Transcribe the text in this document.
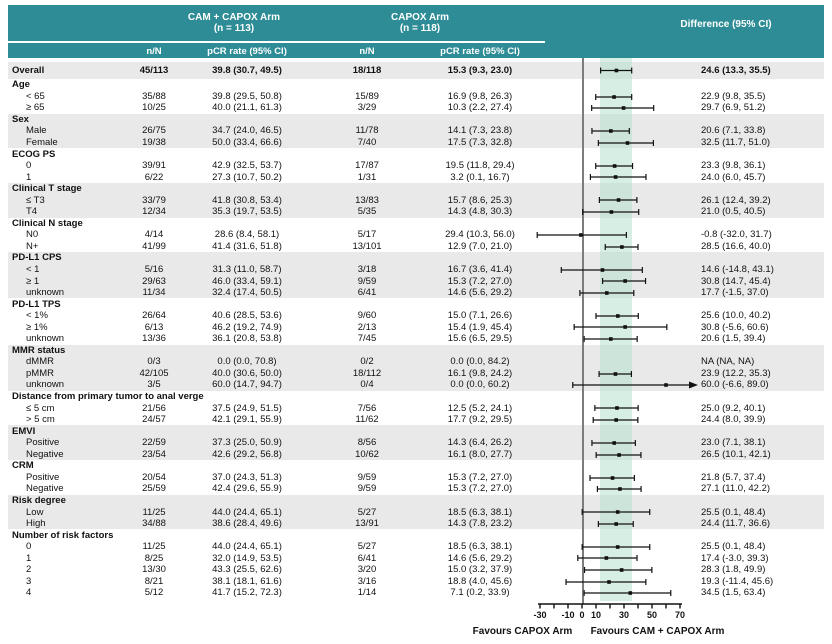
CAM + CAPOX Arm
(n = 113)
CAPOX Arm
(n = 118)	Difference (95% CI)
n/N	pCR rate (95% CI)	n/N	pCR rate (95% CI)
Overall	45/113	39.8 (30.7, 49.5)	18/118	15.3 (9.3, 23.0)	24.6 (13.3, 35.5)
Age
< 65	35/88	39.8 (29.5, 50.8)	15/89	16.9 (9.8, 26.3)	22.9 (9.8, 35.5)
≥ 65	10/25	40.0 (21.1, 61.3)	3/29	10.3 (2.2, 27.4)	29.7 (6.9, 51.2)
Sex
Male	26/75	34.7 (24.0, 46.5)	11/78	14.1 (7.3, 23.8)	20.6 (7.1, 33.8)
Female	19/38	50.0 (33.4, 66.6)	7/40	17.5 (7.3, 32.8)	32.5 (11.7, 51.0)
ECOG PS
0	39/91	42.9 (32.5, 53.7)	17/87	19.5 (11.8, 29.4)	23.3 (9.8, 36.1)
1	6/22	27.3 (10.7, 50.2)	1/31	3.2 (0.1, 16.7)	24.0 (6.0, 45.7)
Clinical T stage
≤ T3	33/79	41.8 (30.8, 53.4)	13/83	15.7 (8.6, 25.3)	26.1 (12.4, 39.2)
T4	12/34	35.3 (19.7, 53.5)	5/35	14.3 (4.8, 30.3)	21.0 (0.5, 40.5)
Clinical N stage
N0	4/14	28.6 (8.4, 58.1)	5/17	29.4 (10.3, 56.0)	-0.8 (-32.0, 31.7)
N+	41/99	41.4 (31.6, 51.8)	13/101	12.9 (7.0, 21.0)	28.5 (16.6, 40.0)
PD-L1 CPS
< 1	5/16	31.3 (11.0, 58.7)	3/18	16.7 (3.6, 41.4)	14.6 (-14.8, 43.1)
≥ 1	29/63	46.0 (33.4, 59.1)	9/59	15.3 (7.2, 27.0)	30.8 (14.7, 45.4)
unknown	11/34	32.4 (17.4, 50.5)	6/41	14.6 (5.6, 29.2)	17.7 (-1.5, 37.0)
PD-L1 TPS
< 1%	26/64	40.6 (28.5, 53.6)	9/60	15.0 (7.1, 26.6)	25.6 (10.0, 40.2)
≥ 1%	6/13	46.2 (19.2, 74.9)	2/13	15.4 (1.9, 45.4)	30.8 (-5.6, 60.6)
unknown	13/36	36.1 (20.8, 53.8)	7/45	15.6 (6.5, 29.5)	20.6 (1.5, 39.4)
MMR status
dMMR	0/3	0.0 (0.0, 70.8)	0/2	0.0 (0.0, 84.2)	NA (NA, NA)
pMMR	42/105	40.0 (30.6, 50.0)	18/112	16.1 (9.8, 24.2)	23.9 (12.2, 35.3)
unknown	3/5	60.0 (14.7, 94.7)	0/4	0.0 (0.0, 60.2)	60.0 (-6.6, 89.0)
Distance from primary tumor to anal verge
≤ 5 cm	21/56	37.5 (24.9, 51.5)	7/56	12.5 (5.2, 24.1)	25.0 (9.2, 40.1)
> 5 cm	24/57	42.1 (29.1, 55.9)	11/62	17.7 (9.2, 29.5)	24.4 (8.0, 39.9)
EMVI
Positive	22/59	37.3 (25.0, 50.9)	8/56	14.3 (6.4, 26.2)	23.0 (7.1, 38.1)
Negative	23/54	42.6 (29.2, 56.8)	10/62	16.1 (8.0, 27.7)	26.5 (10.1, 42.1)
CRM
Positive	20/54	37.0 (24.3, 51.3)	9/59	15.3 (7.2, 27.0)	21.8 (5.7, 37.4)
Negative	25/59	42.4 (29.6, 55.9)	9/59	15.3 (7.2, 27.0)	27.1 (11.0, 42.2)
Risk degree
Low	11/25	44.0 (24.4, 65.1)	5/27	18.5 (6.3, 38.1)	25.5 (0.1, 48.4)
High	34/88	38.6 (28.4, 49.6)	13/91	14.3 (7.8, 23.2)	24.4 (11.7, 36.6)
Number of risk factors
0	11/25	44.0 (24.4, 65.1)	5/27	18.5 (6.3, 38.1)	25.5 (0.1, 48.4)
1	8/25	32.0 (14.9, 53.5)	6/41	14.6 (5.6, 29.2)	17.4 (-3.0, 39.3)
2	13/30	43.3 (25.5, 62.6)	3/20	15.0 (3.2, 37.9)	28.3 (1.8, 49.9)
3	8/21	38.1 (18.1, 61.6)	3/16	18.8 (4.0, 45.6)	19.3 (-11.4, 45.6)
4	5/12	41.7 (15.2, 72.3)	1/14	7.1 (0.2, 33.9)	34.5 (1.5, 63.4)
-30	-10 0 10	30	50	70
Favours CAPOX Arm	Favours CAM + CAPOX Arm
